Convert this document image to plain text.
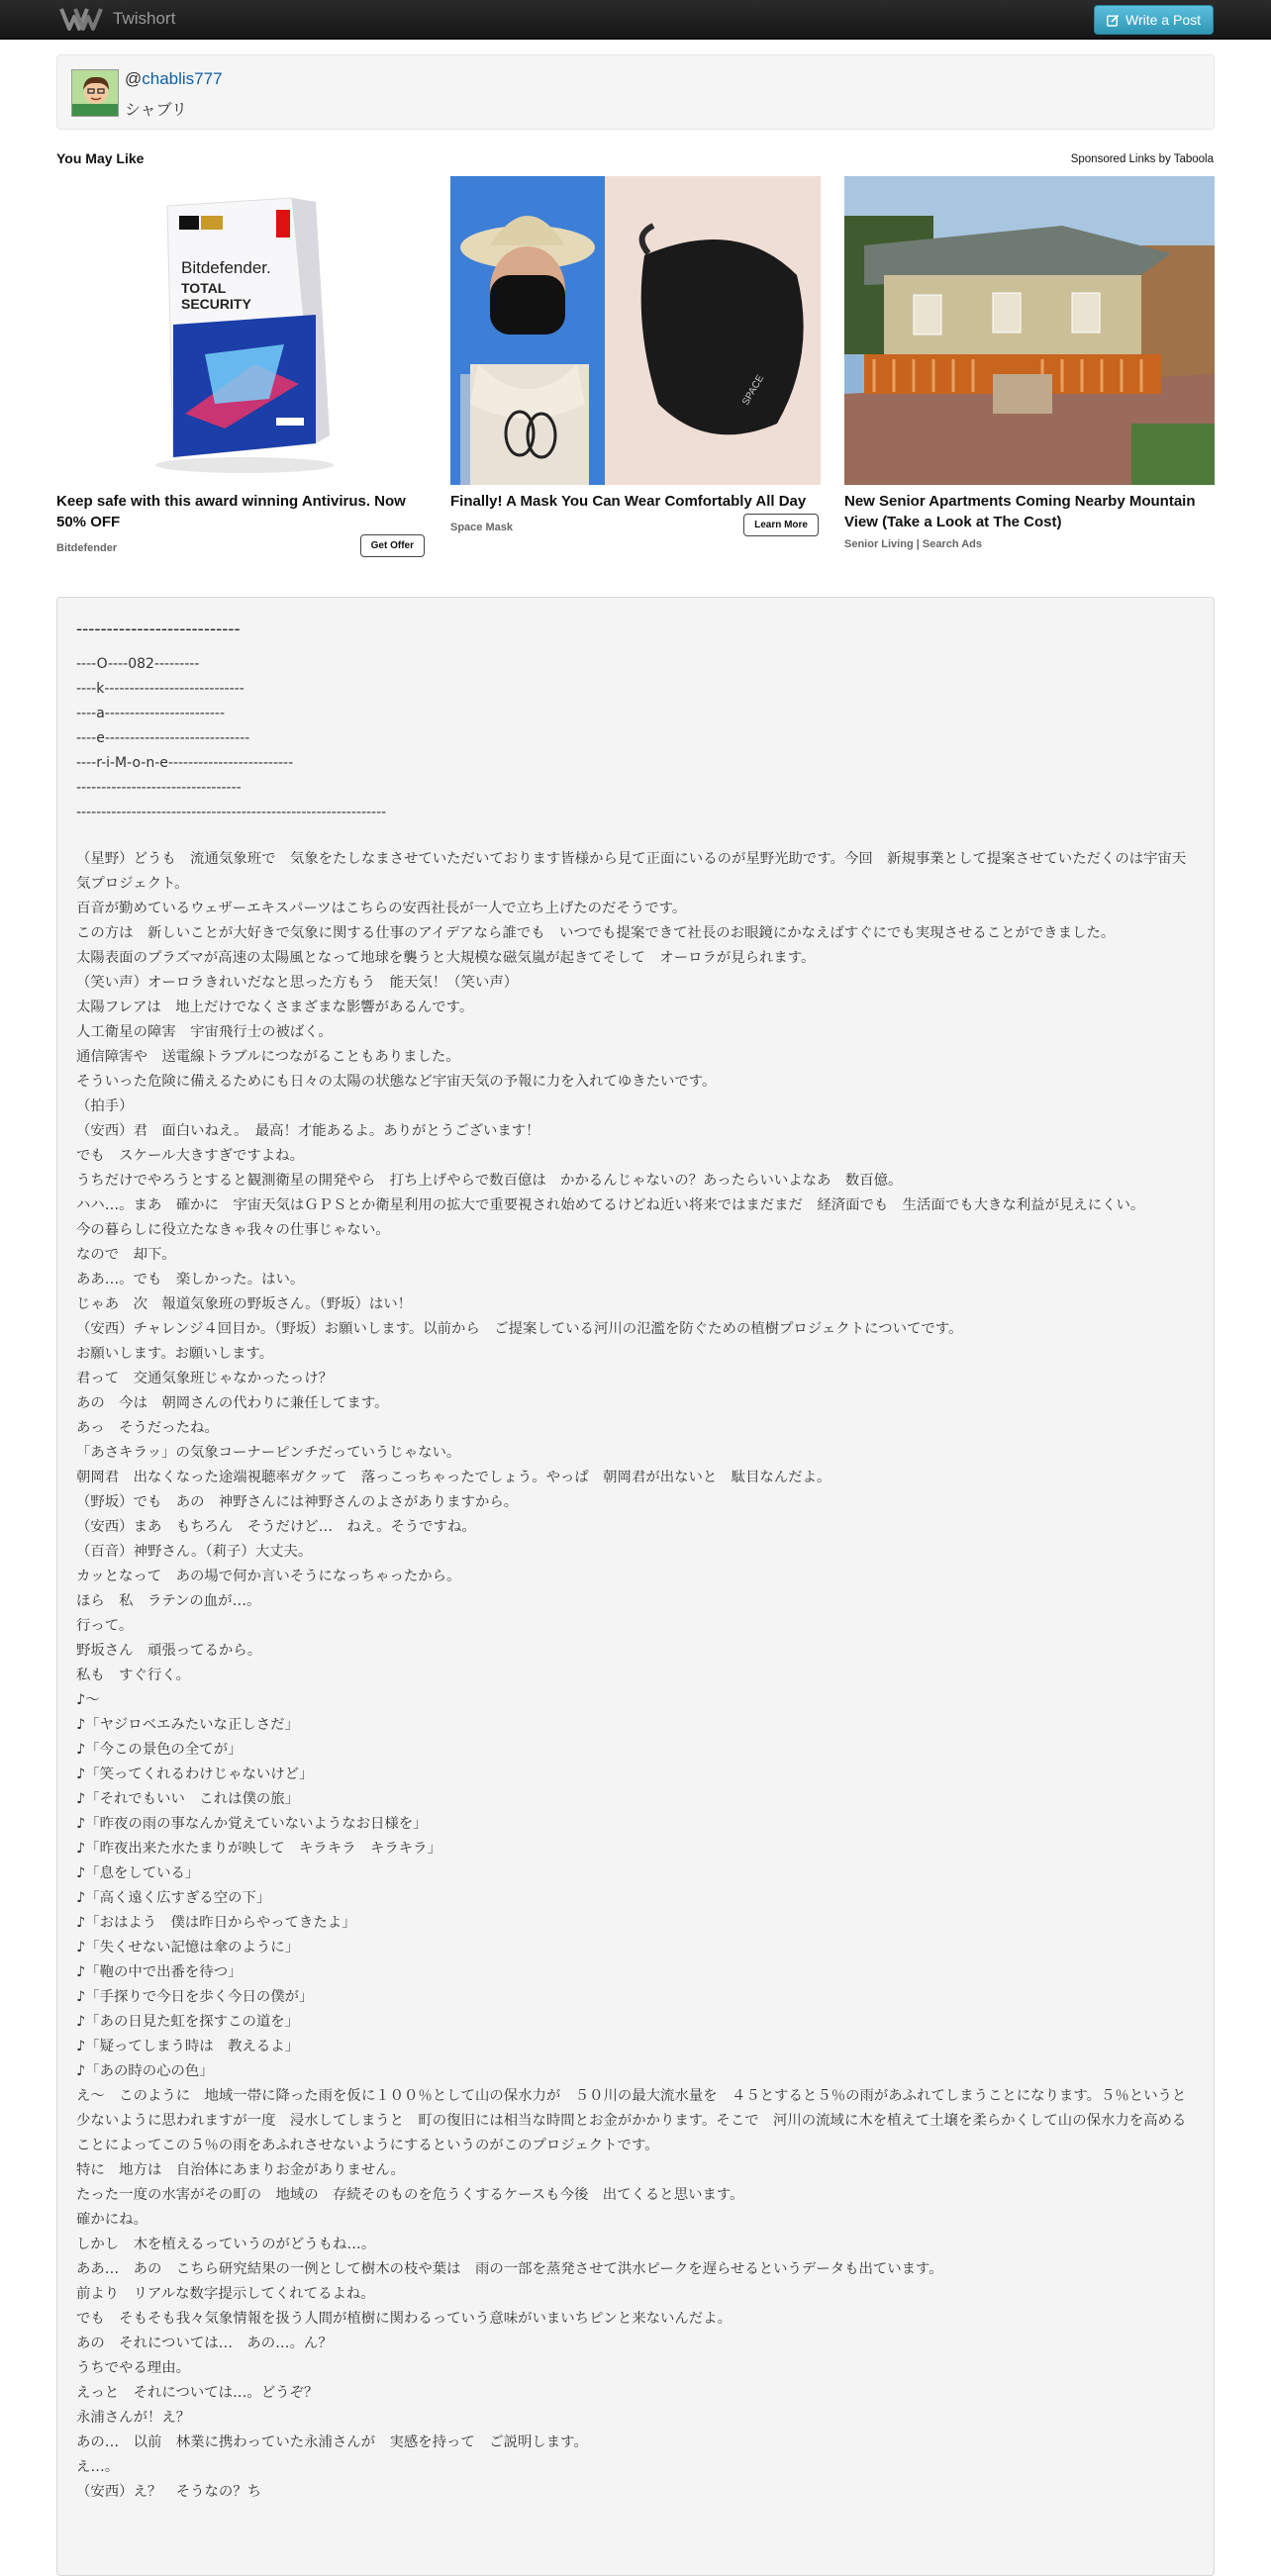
Twishort	Write a Post
@chablis777
シャブリ
You May Like	Sponsored Links by Taboola
Bitdefender.
TOTAL
SECURITY
Keep safe with this award winning Antivirus. Now 50% OFF
Bitdefender	Get Offer
SPACE
Finally! A Mask You Can Wear Comfortably All Day
Space Mask	Learn More
New Senior Apartments Coming Nearby Mountain View (Take a Look at The Cost)
Senior Living | Search Ads
---------------------------
----O----082---------
----k----------------------------
----a------------------------
----e-----------------------------
----r-i-M-o-n-e-------------------------
---------------------------------
--------------------------------------------------------------

（星野）どうも　流通気象班で　気象をたしなまさせていただいております皆様から見て正面にいるのが星野光助です。今回　新規事業として提案させていただくのは宇宙天気プロジェクト。

百音が勤めているウェザーエキスパーツはこちらの安西社長が一人で立ち上げたのだそうです。

この方は　新しいことが大好きで気象に関する仕事のアイデアなら誰でも　いつでも提案できて社長のお眼鏡にかなえばすぐにでも実現させることができました。

太陽表面のプラズマが高速の太陽風となって地球を襲うと大規模な磁気嵐が起きてそして　オーロラが見られます。

（笑い声）オーロラきれいだなと思った方もう　能天気！（笑い声）

太陽フレアは　地上だけでなくさまざまな影響があるんです。

人工衛星の障害　宇宙飛行士の被ばく。

通信障害や　送電線トラブルにつながることもありました。

そういった危険に備えるためにも日々の太陽の状態など宇宙天気の予報に力を入れてゆきたいです。

（拍手）

（安西）君　面白いねえ。　最高！才能あるよ。ありがとうございます！

でも　スケール大きすぎですよね。

うちだけでやろうとすると観測衛星の開発やら　打ち上げやらで数百億は　かかるんじゃないの？あったらいいよなあ　数百億。

ハハ…。まあ　確かに　宇宙天気はＧＰＳとか衛星利用の拡大で重要視され始めてるけどね近い将来ではまだまだ　経済面でも　生活面でも大きな利益が見えにくい。

今の暮らしに役立たなきゃ我々の仕事じゃない。

なので　却下。

ああ…。でも　楽しかった。はい。

じゃあ　次　報道気象班の野坂さん。（野坂）はい！

（安西）チャレンジ４回目か。（野坂）お願いします。以前から　ご提案している河川の氾濫を防ぐための植樹プロジェクトについてです。

お願いします。お願いします。

君って　交通気象班じゃなかったっけ？

あの　今は　朝岡さんの代わりに兼任してます。

あっ　そうだったね。

「あさキラッ」の気象コーナーピンチだっていうじゃない。

朝岡君　出なくなった途端視聴率ガクッて　落っこっちゃったでしょう。やっぱ　朝岡君が出ないと　駄目なんだよ。

（野坂）でも　あの　神野さんには神野さんのよさがありますから。

（安西）まあ　もちろん　そうだけど…　ねえ。そうですね。

（百音）神野さん。（莉子）大丈夫。

カッとなって　あの場で何か言いそうになっちゃったから。

ほら　私　ラテンの血が…。

行って。

野坂さん　頑張ってるから。

私も　すぐ行く。

♪～

♪「ヤジロベエみたいな正しさだ」

♪「今この景色の全てが」

♪「笑ってくれるわけじゃないけど」

♪「それでもいい　これは僕の旅」

♪「昨夜の雨の事なんか覚えていないようなお日様を」

♪「昨夜出来た水たまりが映して　キラキラ　キラキラ」

♪「息をしている」

♪「高く遠く広すぎる空の下」

♪「おはよう　僕は昨日からやってきたよ」

♪「失くせない記憶は傘のように」

♪「鞄の中で出番を待つ」

♪「手探りで今日を歩く今日の僕が」

♪「あの日見た虹を探すこの道を」

♪「疑ってしまう時は　教えるよ」

♪「あの時の心の色」

え～　このように　地域一帯に降った雨を仮に１００％として山の保水力が　５０川の最大流水量を　４５とすると５％の雨があふれてしまうことになります。５％というと少ないように思われますが一度　浸水してしまうと　町の復旧には相当な時間とお金がかかります。そこで　河川の流域に木を植えて土壌を柔らかくして山の保水力を高めることによってこの５％の雨をあふれさせないようにするというのがこのプロジェクトです。

特に　地方は　自治体にあまりお金がありません。

たった一度の水害がその町の　地域の　存続そのものを危うくするケースも今後　出てくると思います。

確かにね。

しかし　木を植えるっていうのがどうもね…。

ああ…　あの　こちら研究結果の一例として樹木の枝や葉は　雨の一部を蒸発させて洪水ピークを遅らせるというデータも出ています。

前より　リアルな数字提示してくれてるよね。

でも　そもそも我々気象情報を扱う人間が植樹に関わるっていう意味がいまいちピンと来ないんだよ。

あの　それについては…　あの…。ん？

うちでやる理由。

えっと　それについては…。どうぞ？

永浦さんが！え？

あの…　以前　林業に携わっていた永浦さんが　実感を持って　ご説明します。

え…。

（安西）え？　そうなの？ち
